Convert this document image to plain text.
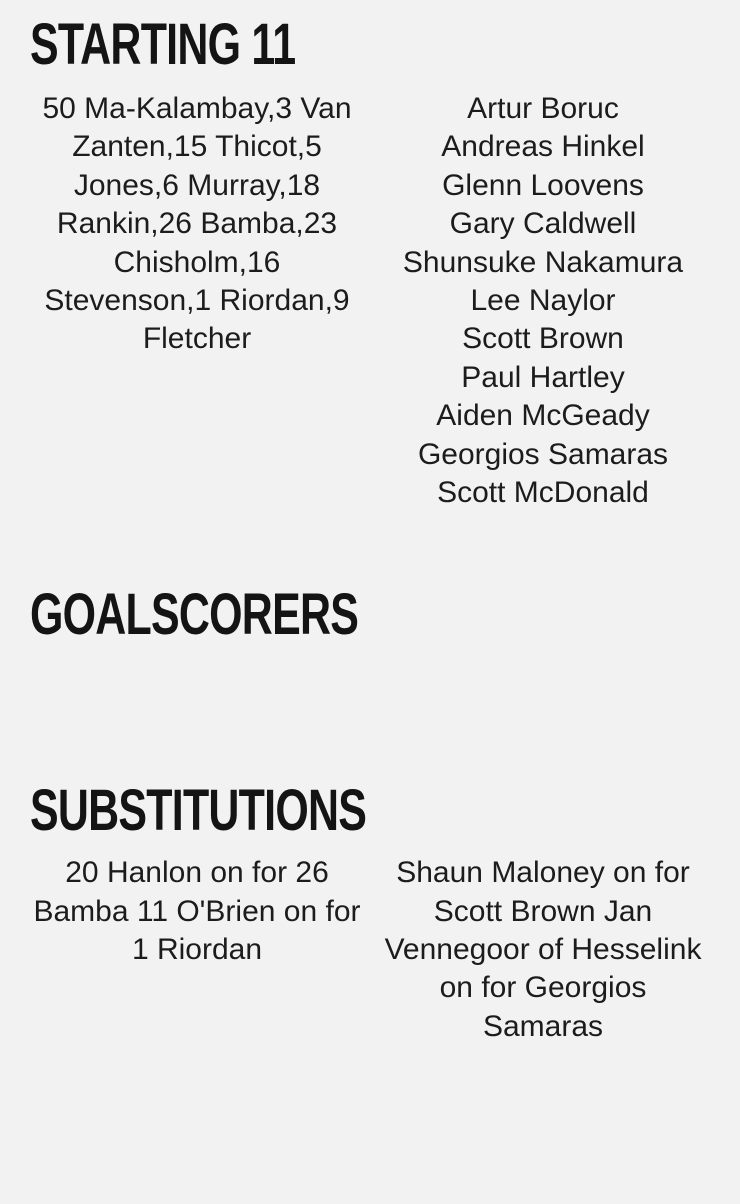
STARTING 11
50 Ma-Kalambay,3 Van Zanten,15 Thicot,5 Jones,6 Murray,18 Rankin,26 Bamba,23 Chisholm,16 Stevenson,1 Riordan,9 Fletcher
Artur Boruc
Andreas Hinkel
Glenn Loovens
Gary Caldwell
Shunsuke Nakamura
Lee Naylor
Scott Brown
Paul Hartley
Aiden McGeady
Georgios Samaras
Scott McDonald
GOALSCORERS
SUBSTITUTIONS
20 Hanlon on for 26 Bamba 11 O'Brien on for 1 Riordan
Shaun Maloney on for Scott Brown Jan Vennegoor of Hesselink on for Georgios Samaras
